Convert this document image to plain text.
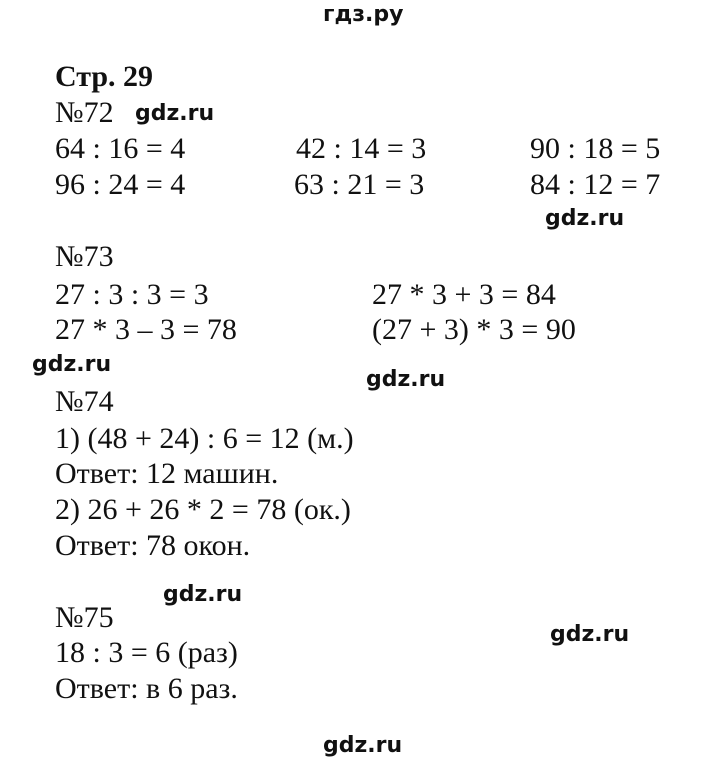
гдз.ру
Стр. 29
№72 gdz.ru
64 : 16 = 4	42 : 14 = 3	90 : 18 = 5
96 : 24 = 4	63 : 21 = 3	84 : 12 = 7
gdz.ru
№73
27 : 3 : 3 = 3	27 * 3 + 3 = 84
27 * 3 – 3 = 78	(27 + 3) * 3 = 90
gdz.ru
gdz.ru
№74
1) (48 + 24) : 6 = 12 (м.)
Ответ: 12 машин.
2) 26 + 26 * 2 = 78 (ок.)
Ответ: 78 окон.
gdz.ru
№75
gdz.ru
18 : 3 = 6 (раз)
Ответ: в 6 раз.
gdz.ru
